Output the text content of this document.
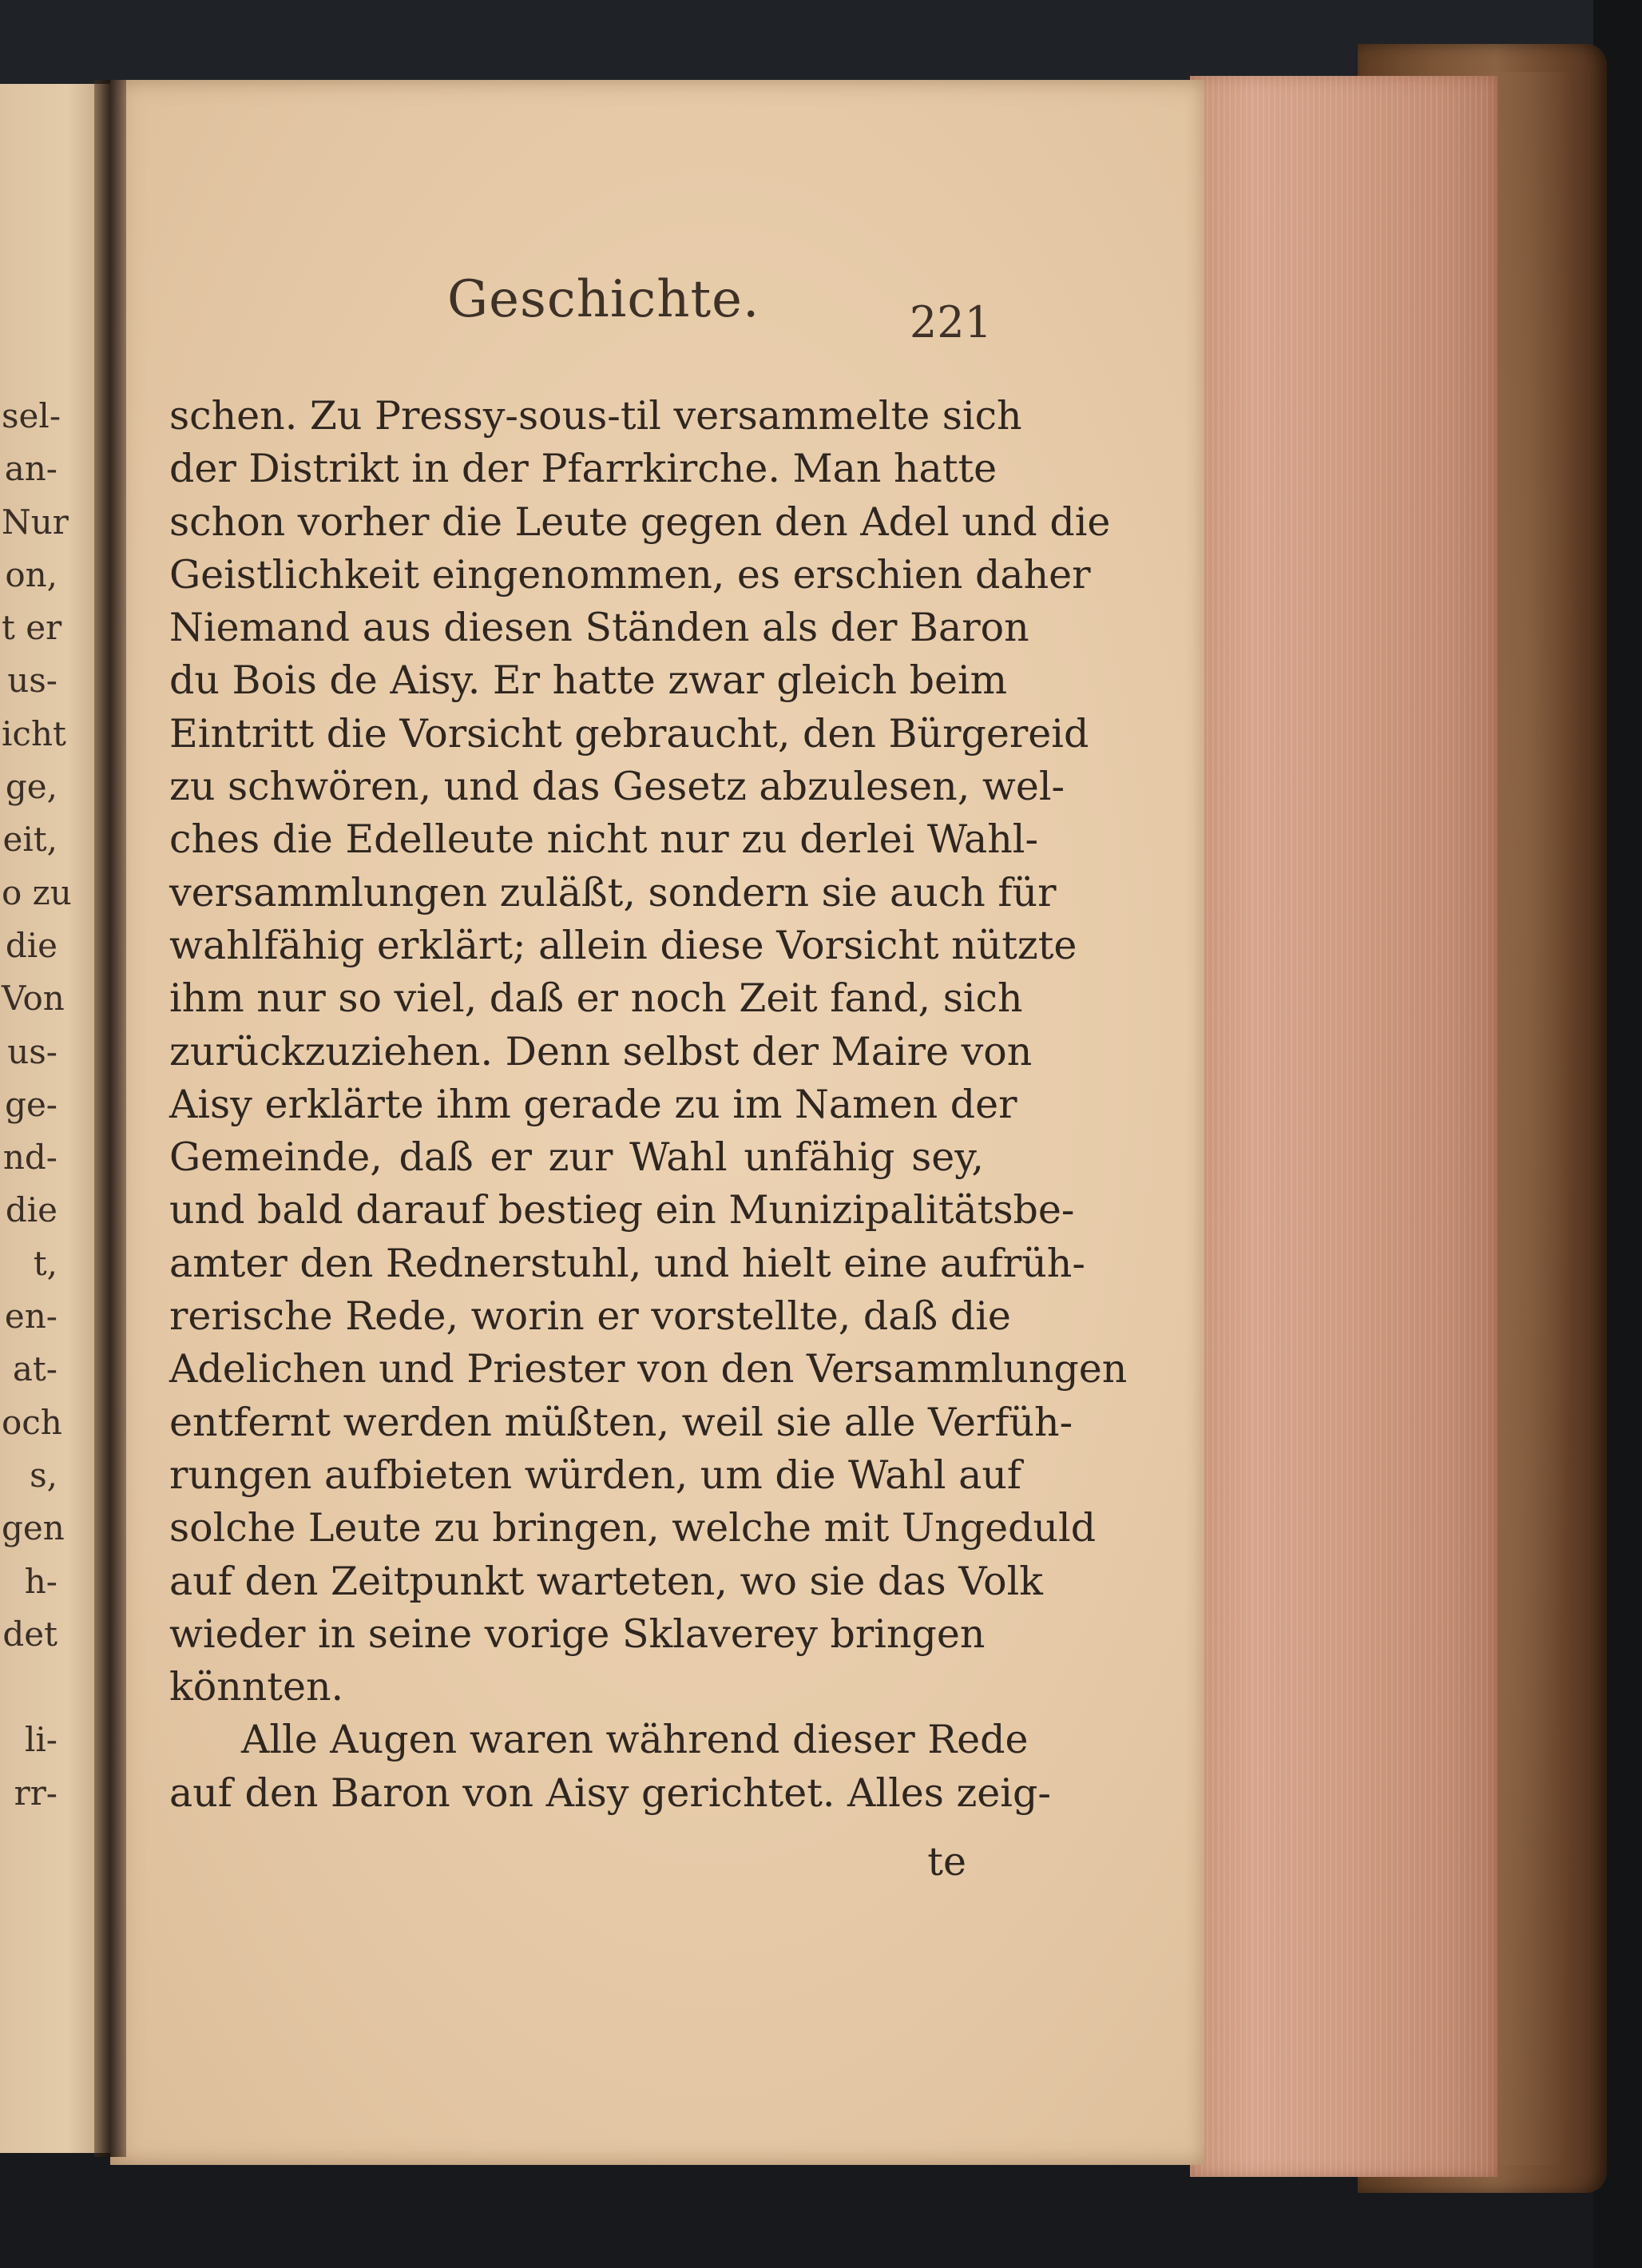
sel-
an-
Nur
on,
t er
us-
icht
ge,
eit,
o zu
die
Von
us-
ge-
nd-
die
t,
en-
at-
och
s,
gen
h-
det
li-
rr-
Geschichte.	221
schen. Zu Pressy-sous-til versammelte sich
der Distrikt in der Pfarrkirche. Man hatte
schon vorher die Leute gegen den Adel und die
Geistlichkeit eingenommen, es erschien daher
Niemand aus diesen Ständen als der Baron
du Bois de Aisy. Er hatte zwar gleich beim
Eintritt die Vorsicht gebraucht, den Bürgereid
zu schwören, und das Gesetz abzulesen, wel-
ches die Edelleute nicht nur zu derlei Wahl-
versammlungen zuläßt, sondern sie auch für
wahlfähig erklärt; allein diese Vorsicht nützte
ihm nur so viel, daß er noch Zeit fand, sich
zurückzuziehen. Denn selbst der Maire von
Aisy erklärte ihm gerade zu im Namen der
Gemeinde, daß er zur Wahl unfähig sey,
und bald darauf bestieg ein Munizipalitätsbe-
amter den Rednerstuhl, und hielt eine aufrüh-
rerische Rede, worin er vorstellte, daß die
Adelichen und Priester von den Versammlungen
entfernt werden müßten, weil sie alle Verfüh-
rungen aufbieten würden, um die Wahl auf
solche Leute zu bringen, welche mit Ungeduld
auf den Zeitpunkt warteten, wo sie das Volk
wieder in seine vorige Sklaverey bringen
könnten.
Alle Augen waren während dieser Rede
auf den Baron von Aisy gerichtet. Alles zeig-
te
